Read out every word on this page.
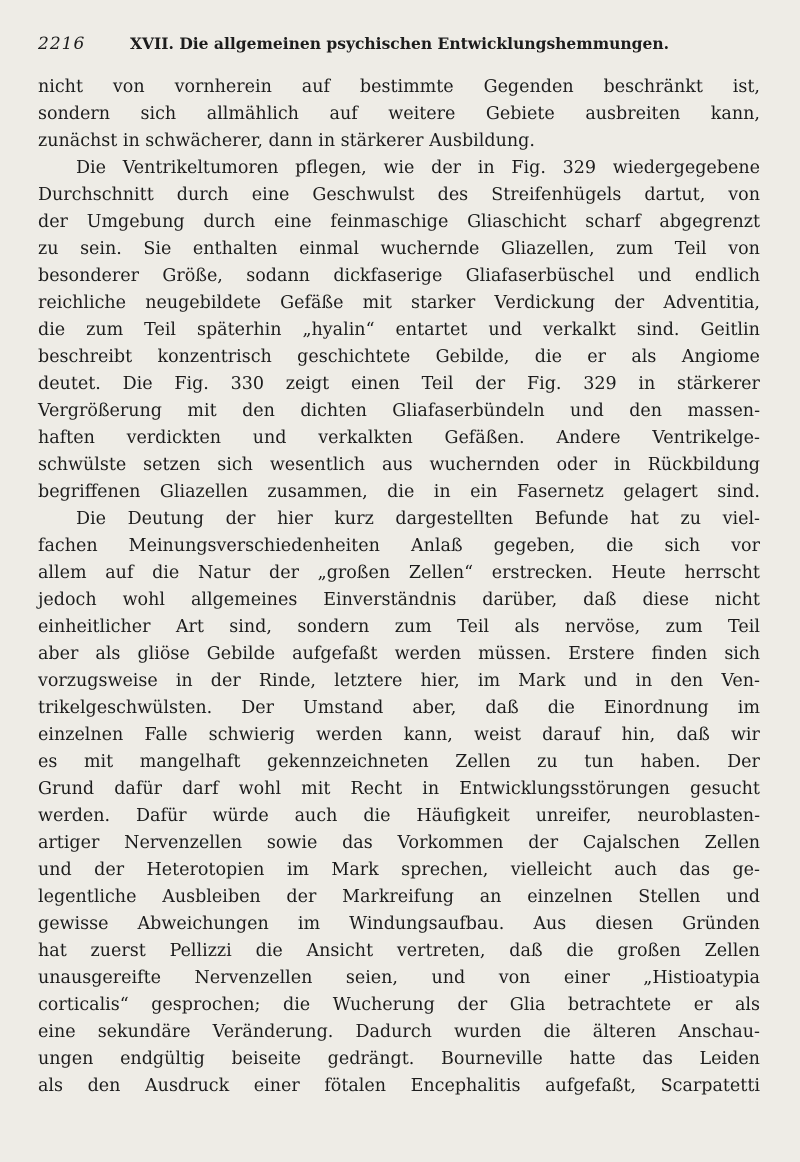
2216	XVII. Die allgemeinen psychischen Entwicklungshemmungen.
nicht von vornherein auf bestimmte Gegenden beschränkt ist,
sondern sich allmählich auf weitere Gebiete ausbreiten kann,
zunächst in schwächerer, dann in stärkerer Ausbildung.
Die Ventrikeltumoren pflegen, wie der in Fig. 329 wiedergegebene
Durchschnitt durch eine Geschwulst des Streifenhügels dartut, von
der Umgebung durch eine feinmaschige Gliaschicht scharf abgegrenzt
zu sein. Sie enthalten einmal wuchernde Gliazellen, zum Teil von
besonderer Größe, sodann dickfaserige Gliafaserbüschel und endlich
reichliche neugebildete Gefäße mit starker Verdickung der Adventitia,
die zum Teil späterhin „hyalin“ entartet und verkalkt sind. Geitlin
beschreibt konzentrisch geschichtete Gebilde, die er als Angiome
deutet. Die Fig. 330 zeigt einen Teil der Fig. 329 in stärkerer
Vergrößerung mit den dichten Gliafaserbündeln und den massen-
haften verdickten und verkalkten Gefäßen. Andere Ventrikelge-
schwülste setzen sich wesentlich aus wuchernden oder in Rückbildung
begriffenen Gliazellen zusammen, die in ein Fasernetz gelagert sind.
Die Deutung der hier kurz dargestellten Befunde hat zu viel-
fachen Meinungsverschiedenheiten Anlaß gegeben, die sich vor
allem auf die Natur der „großen Zellen“ erstrecken. Heute herrscht
jedoch wohl allgemeines Einverständnis darüber, daß diese nicht
einheitlicher Art sind, sondern zum Teil als nervöse, zum Teil
aber als gliöse Gebilde aufgefaßt werden müssen. Erstere finden sich
vorzugsweise in der Rinde, letztere hier, im Mark und in den Ven-
trikelgeschwülsten. Der Umstand aber, daß die Einordnung im
einzelnen Falle schwierig werden kann, weist darauf hin, daß wir
es mit mangelhaft gekennzeichneten Zellen zu tun haben. Der
Grund dafür darf wohl mit Recht in Entwicklungsstörungen gesucht
werden. Dafür würde auch die Häufigkeit unreifer, neuroblasten-
artiger Nervenzellen sowie das Vorkommen der Cajalschen Zellen
und der Heterotopien im Mark sprechen, vielleicht auch das ge-
legentliche Ausbleiben der Markreifung an einzelnen Stellen und
gewisse Abweichungen im Windungsaufbau. Aus diesen Gründen
hat zuerst Pellizzi die Ansicht vertreten, daß die großen Zellen
unausgereifte Nervenzellen seien, und von einer „Histioatypia
corticalis“ gesprochen; die Wucherung der Glia betrachtete er als
eine sekundäre Veränderung. Dadurch wurden die älteren Anschau-
ungen endgültig beiseite gedrängt. Bourneville hatte das Leiden
als den Ausdruck einer fötalen Encephalitis aufgefaßt, Scarpatetti
